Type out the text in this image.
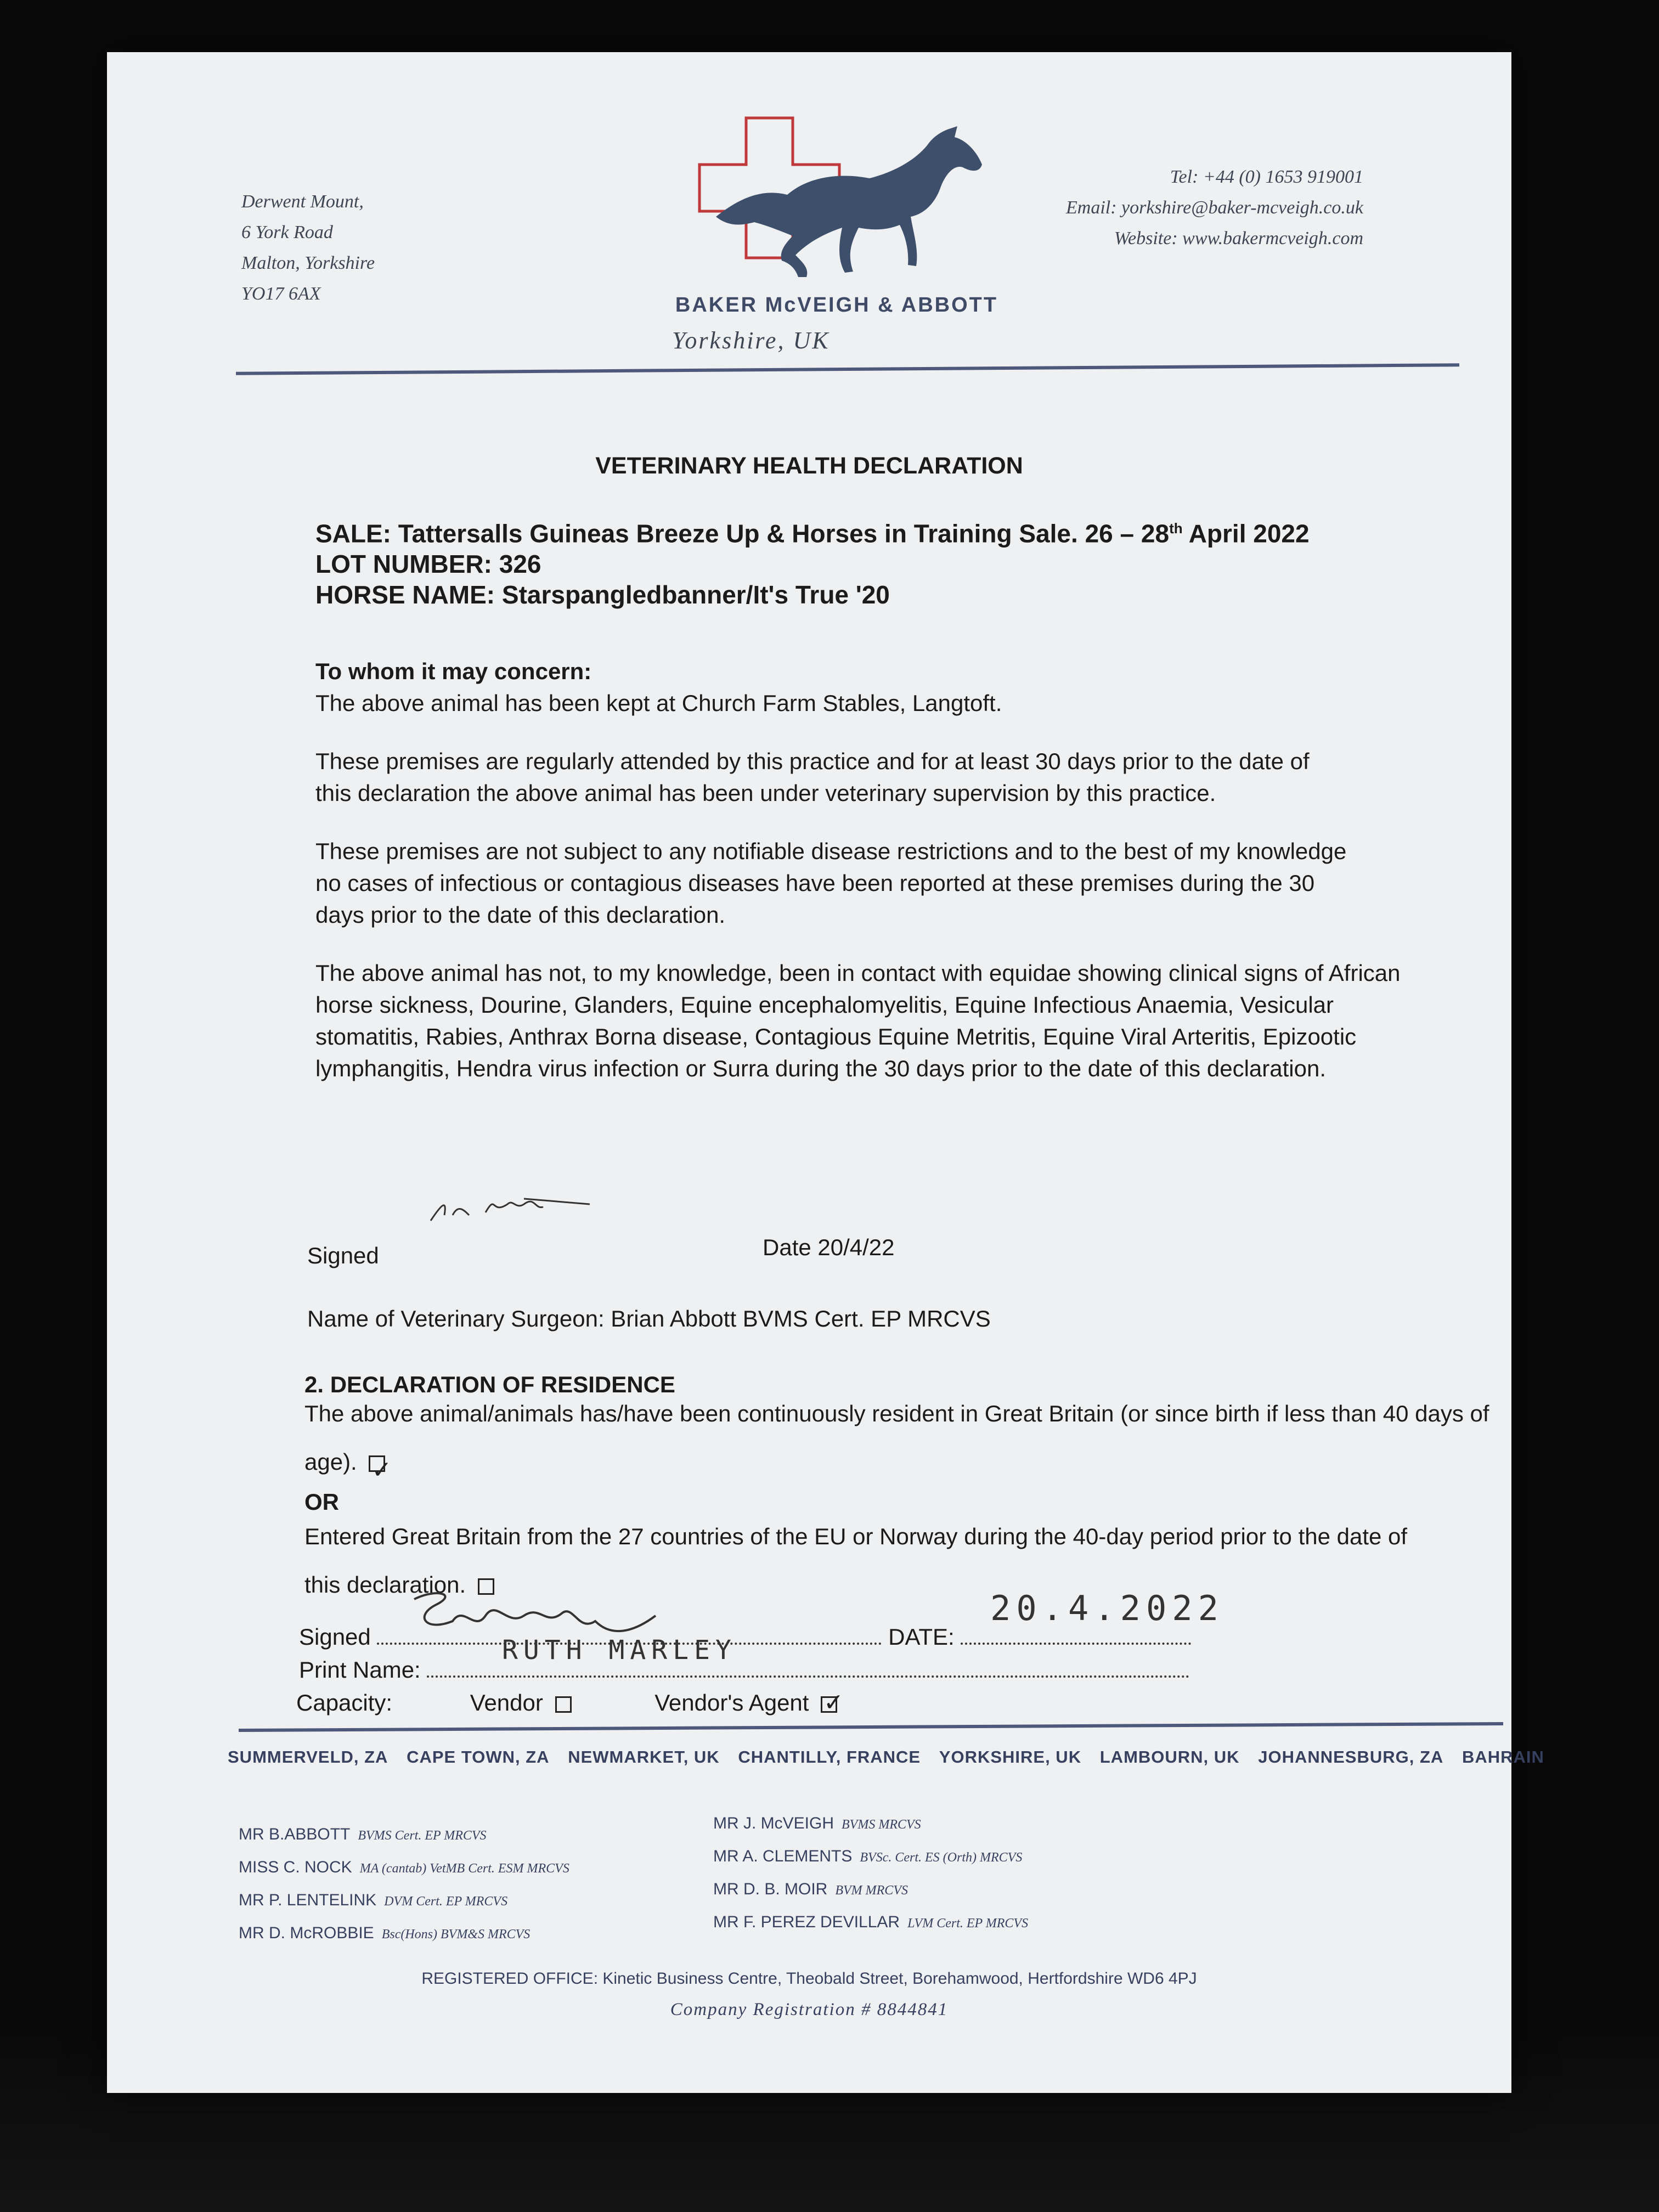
Derwent Mount,
6 York Road
Malton, Yorkshire
YO17 6AX	BAKER McVEIGH & ABBOTT
Yorkshire, UK
Tel: +44 (0) 1653 919001
Email: yorkshire@baker-mcveigh.co.uk
Website: www.bakermcveigh.com
VETERINARY HEALTH DECLARATION
SALE: Tattersalls Guineas Breeze Up & Horses in Training Sale. 26 – 28th April 2022
LOT NUMBER: 326
HORSE NAME: Starspangledbanner/It's True '20
To whom it may concern:
The above animal has been kept at Church Farm Stables, Langtoft.
These premises are regularly attended by this practice and for at least 30 days prior to the date of this declaration the above animal has been under veterinary supervision by this practice.
These premises are not subject to any notifiable disease restrictions and to the best of my knowledge no cases of infectious or contagious diseases have been reported at these premises during the 30 days prior to the date of this declaration.
The above animal has not, to my knowledge, been in contact with equidae showing clinical signs of African horse sickness, Dourine, Glanders, Equine encephalomyelitis, Equine Infectious Anaemia, Vesicular stomatitis, Rabies, Anthrax Borna disease, Contagious Equine Metritis, Equine Viral Arteritis, Epizootic lymphangitis, Hendra virus infection or Surra during the 30 days prior to the date of this declaration.
Signed	Date 20/4/22
Name of Veterinary Surgeon: Brian Abbott BVMS Cert. EP MRCVS
2. DECLARATION OF RESIDENCE
The above animal/animals has/have been continuously resident in Great Britain (or since birth if less than 40 days of age). ✓
OR
Entered Great Britain from the 27 countries of the EU or Norway during the 40-day period prior to the date of this declaration.
Signed	DATE:
20.4.2022
Print Name:
RUTH MARLEY
Capacity:	Vendor	Vendor's Agent ✓
SUMMERVELD, ZA CAPE TOWN, ZA NEWMARKET, UK CHANTILLY, FRANCE YORKSHIRE, UK LAMBOURN, UK JOHANNESBURG, ZA BAHRAIN
MR B.ABBOTT BVMS Cert. EP MRCVS
MISS C. NOCK MA (cantab) VetMB Cert. ESM MRCVS
MR P. LENTELINK DVM Cert. EP MRCVS
MR D. McROBBIE Bsc(Hons) BVM&S MRCVS
MR J. McVEIGH BVMS MRCVS
MR A. CLEMENTS BVSc. Cert. ES (Orth) MRCVS
MR D. B. MOIR BVM MRCVS
MR F. PEREZ DEVILLAR LVM Cert. EP MRCVS
REGISTERED OFFICE: Kinetic Business Centre, Theobald Street, Borehamwood, Hertfordshire WD6 4PJ
Company Registration # 8844841
